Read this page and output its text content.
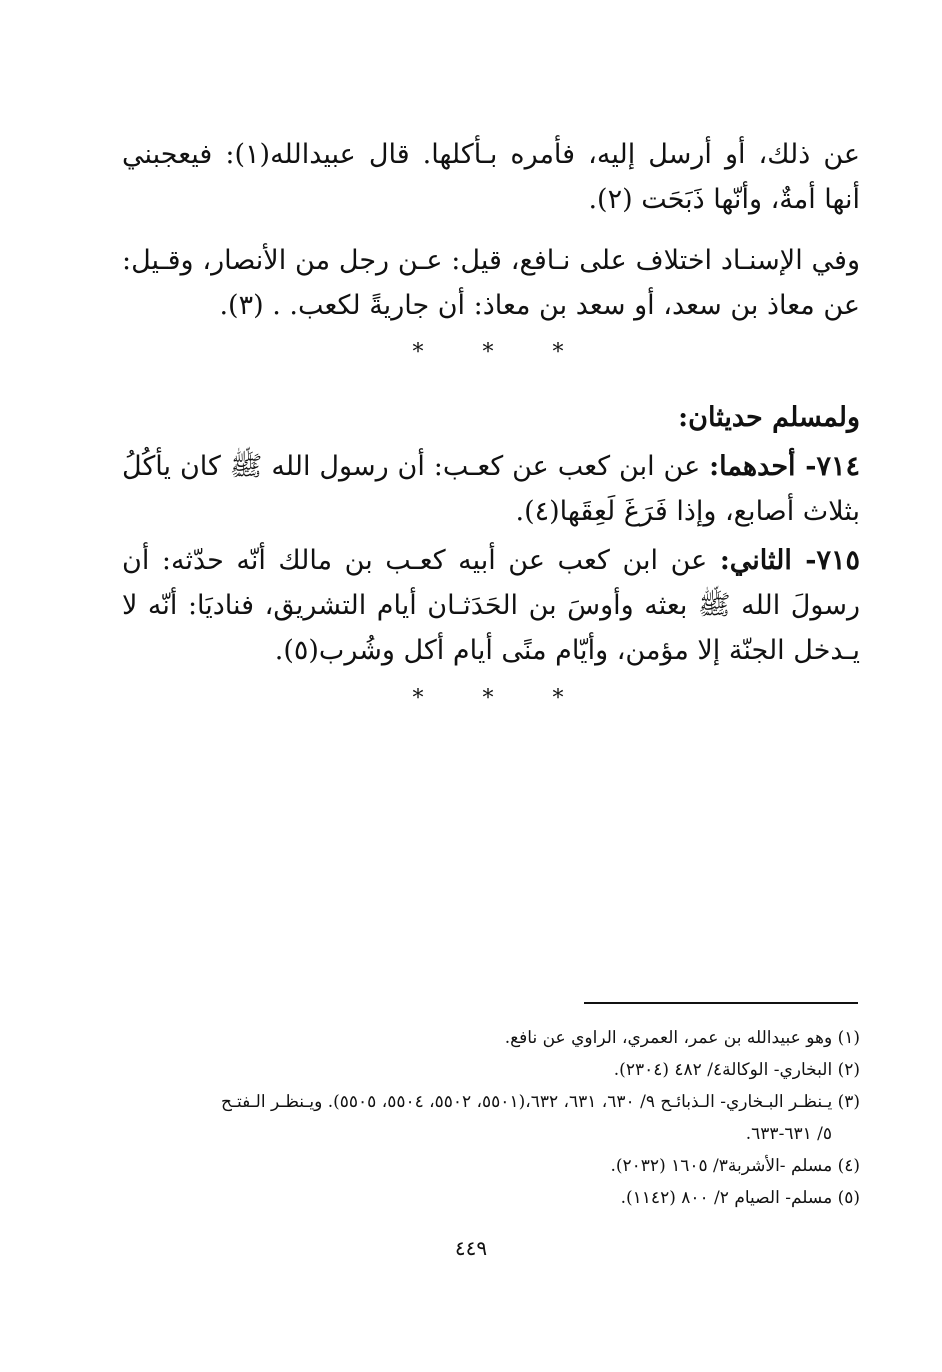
عن ذلك، أو أرسل إليه، فأمره بـأكلها. قال عبيدالله(١): فيعجبني أنها أمةٌ، وأنّها ذَبَحَت (٢).

وفي الإسنـاد اختلاف على نـافع، قيل: عـن رجل من الأنصار، وقـيل: عن معاذ بن سعد، أو سعد بن معاذ: أن جاريةً لكعب. . (٣).

* * *

ولمسلم حديثان:

٧١٤- أحدهما: عن ابن كعب عن كعـب: أن رسول الله ﷺ كان يأكُلُ بثلاث أصابع، وإذا فَرَغَ لَعِقَها(٤).

٧١٥- الثاني: عن ابن كعب عن أبيه كعـب بن مالك أنّه حدّثه: أن رسولَ الله ﷺ بعثه وأوسَ بن الحَدَثـان أيام التشريق، فناديَا: أنّه لا يـدخل الجنّة إلا مؤمن، وأيّام منًى أيام أكل وشُرب(٥).

* * *

(١) وهو عبيدالله بن عمر، العمري، الراوي عن نافع.

(٢) البخاري- الوكالة٤/ ٤٨٢ (٢٣٠٤).

(٣) يـنظـر البـخاري- الـذبائـح ٩/ ٦٣٠، ٦٣١، ٦٣٢،(٥٥٠١، ٥٥٠٢، ٥٥٠٤، ٥٥٠٥). ويـنظـر الـفتـح

٥/ ٦٣١-٦٣٣.

(٤) مسلم -الأشربة٣/ ١٦٠٥ (٢٠٣٢).

(٥) مسلم- الصيام ٢/ ٨٠٠ (١١٤٢).

٤٤٩
